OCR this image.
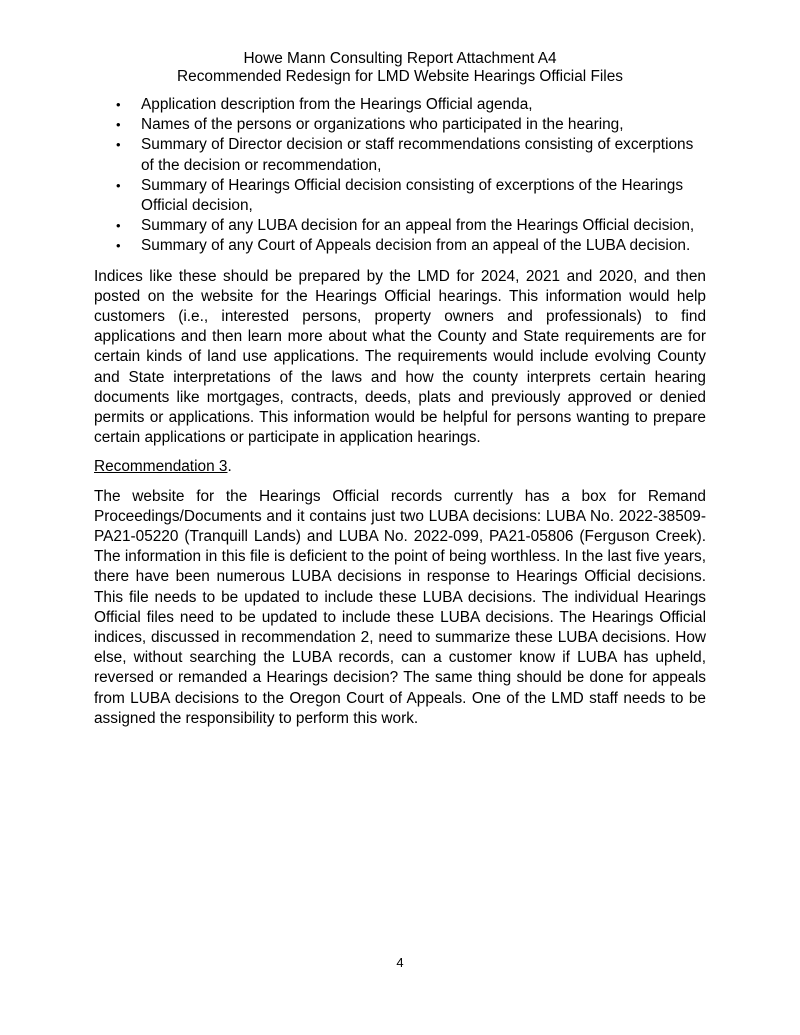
Howe Mann Consulting Report Attachment A4
Recommended Redesign for LMD Website Hearings Official Files
• Application description from the Hearings Official agenda,
• Names of the persons or organizations who participated in the hearing,
• Summary of Director decision or staff recommendations consisting of excerptions of the decision or recommendation,
• Summary of Hearings Official decision consisting of excerptions of the Hearings Official decision,
• Summary of any LUBA decision for an appeal from the Hearings Official decision,
• Summary of any Court of Appeals decision from an appeal of the LUBA decision.

Indices like these should be prepared by the LMD for 2024, 2021 and 2020, and then posted on the website for the Hearings Official hearings. This information would help customers (i.e., interested persons, property owners and professionals) to find applications and then learn more about what the County and State requirements are for certain kinds of land use applications. The requirements would include evolving County and State interpretations of the laws and how the county interprets certain hearing documents like mortgages, contracts, deeds, plats and previously approved or denied permits or applications. This information would be helpful for persons wanting to prepare certain applications or participate in application hearings.

Recommendation 3.

The website for the Hearings Official records currently has a box for Remand Proceedings/Documents and it contains just two LUBA decisions: LUBA No. 2022-38509-PA21-05220 (Tranquill Lands) and LUBA No. 2022-099, PA21-05806 (Ferguson Creek). The information in this file is deficient to the point of being worthless. In the last five years, there have been numerous LUBA decisions in response to Hearings Official decisions. This file needs to be updated to include these LUBA decisions. The individual Hearings Official files need to be updated to include these LUBA decisions. The Hearings Official indices, discussed in recommendation 2, need to summarize these LUBA decisions. How else, without searching the LUBA records, can a customer know if LUBA has upheld, reversed or remanded a Hearings decision? The same thing should be done for appeals from LUBA decisions to the Oregon Court of Appeals. One of the LMD staff needs to be assigned the responsibility to perform this work.

4
